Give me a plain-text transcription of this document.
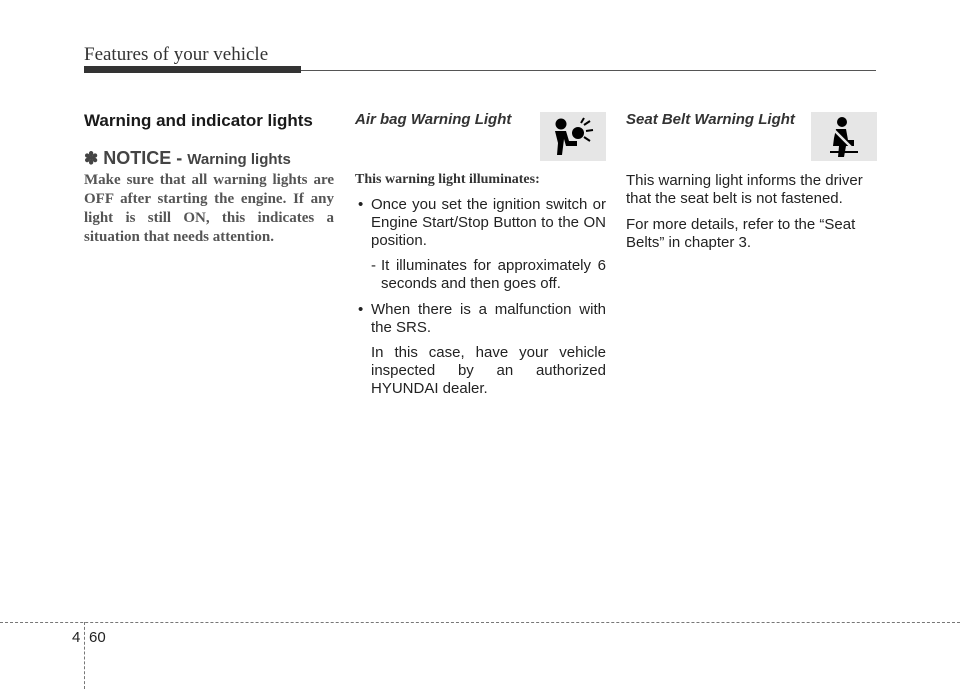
Features of your vehicle
Warning and indicator lights
✽ NOTICE - Warning lights
Make sure that all warning lights are OFF after starting the engine. If any light is still ON, this indicates a situation that needs attention.
Air bag Warning Light
This warning light illuminates:
• Once you set the ignition switch or Engine Start/Stop Button to the ON position.
- It illuminates for approximately 6 seconds and then goes off.
• When there is a malfunction with the SRS.
In this case, have your vehicle inspected by an authorized HYUNDAI dealer.
Seat Belt Warning Light
This warning light informs the driver that the seat belt is not fastened.
For more details, refer to the “Seat Belts” in chapter 3.
4 60
